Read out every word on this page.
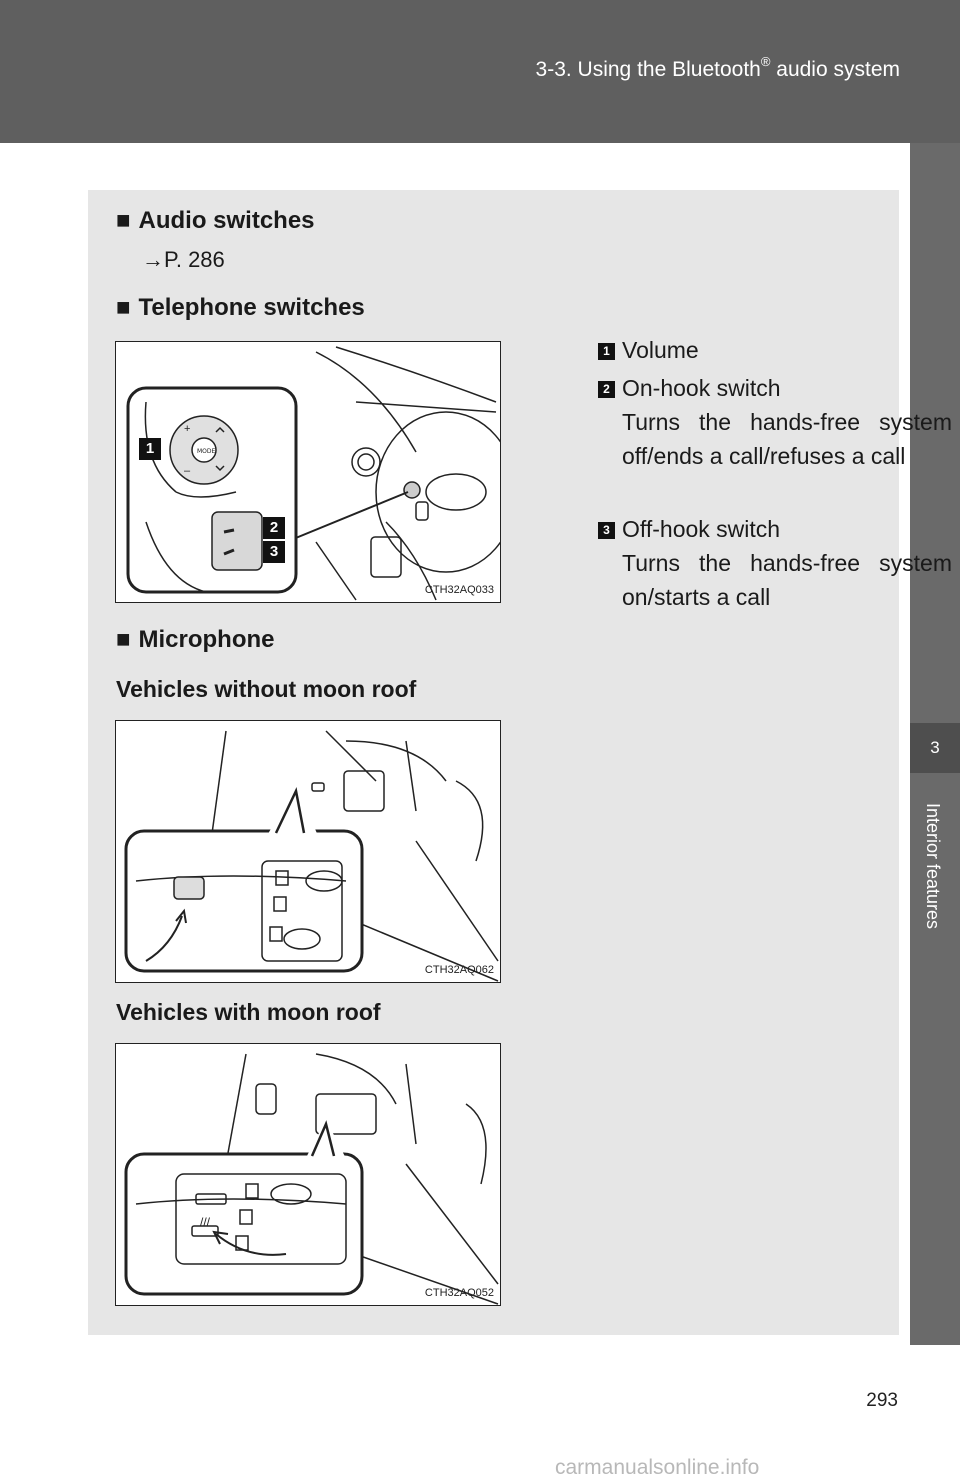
3-3. Using the Bluetooth® audio system
3
Interior features
■ Audio switches
→P. 286
■ Telephone switches
MODE
+
–
1
2
3
CTH32AQ033
1 Volume
2 On-hook switch
Turns the hands-free system off/ends a call/refuses a call
3 Off-hook switch
Turns the hands-free system on/starts a call
■ Microphone
Vehicles without moon roof
CTH32AQ062
Vehicles with moon roof
///
CTH32AQ052
293
carmanualsonline.info
